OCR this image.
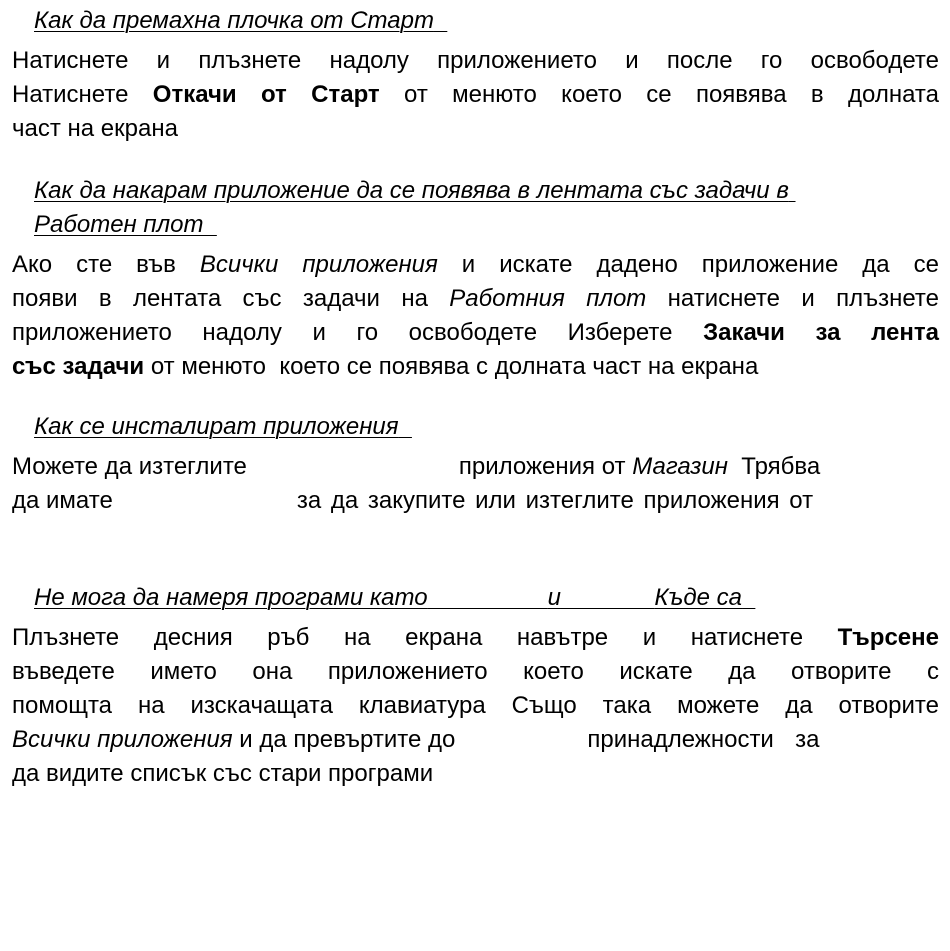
Как да премахна плочка от Старт
Натиснете и плъзнете надолу приложението и после го освободете
Натиснете Откачи от Старт от менюто което се появява в долната
част на екрана
Как да накарам приложение да се появява в лентата със задачи в
Работен плот
Ако сте във Всички приложения и искате дадено приложение да се
появи в лентата със задачи на Работния плот натиснете и плъзнете
приложението надолу и го освободете Изберете Закачи за лента
със задачи от менюто  което се появява с долната част на екрана
Как се инсталират приложения
Можете да изтеглите	приложения от Магазин  Трябва
да имате	за да закупите или изтеглите приложения от
Не мога да намеря програми като	и	Къде са
Плъзнете десния ръб на екрана навътре и натиснете Търсене
въведете името она приложението което искате да отворите с
помощта на изскачащата клавиатура Също така можете да отворите
Всички приложения и да превъртите до	принадлежности  за
да видите списък със стари програми
